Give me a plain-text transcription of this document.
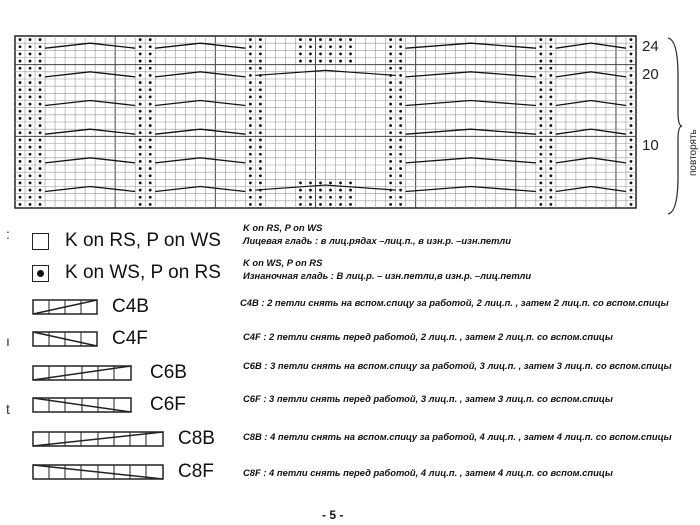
24
20
10	повторять
:
ı
t
K on RS, P on WS
K on WS, P on RS
C4B
C4F
C6B
C6F
C8B
C8F
K on RS, P on WS
Лицевая гладь : в лиц.рядах –лиц.п., в изн.р. –изн.петли
K on WS, P on RS
Изнаночная гладь : В лиц.р. – изн.петли,в изн.р. –лиц.петли
C4B : 2 петли снять на вспом.спицу за работой, 2 лиц.п. , затем 2 лиц.п. со вспом.спицы
C4F : 2 петли снять перед работой, 2 лиц.п. , затем 2 лиц.п. со вспом.спицы
C6B : 3 петли снять на вспом.спицу за работой, 3 лиц.п. , затем 3 лиц.п. со вспом.спицы
C6F : 3 петли снять перед работой, 3 лиц.п. , затем 3 лиц.п. со вспом.спицы
C8B : 4 петли снять на вспом.спицу за работой, 4 лиц.п. , затем 4 лиц.п. со вспом.спицы
C8F : 4 петли снять перед работой, 4 лиц.п. , затем 4 лиц.п. со вспом.спицы
- 5 -
